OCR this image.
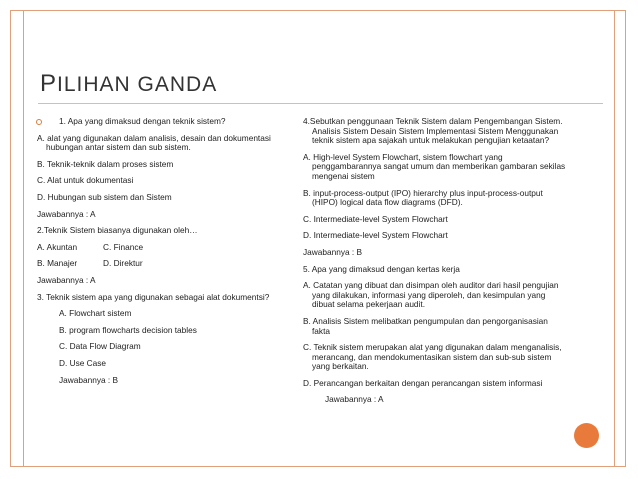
PILIHAN GANDA
1. Apa yang dimaksud dengan teknik sistem?
A. alat yang digunakan dalam analisis, desain dan dokumentasi hubungan antar sistem dan sub sistem.
B. Teknik-teknik dalam proses sistem
C. Alat untuk dokumentasi
D. Hubungan sub sistem dan Sistem
Jawabannya : A
2.Teknik Sistem biasanya digunakan oleh…
A. Akuntan	C. Finance
B. Manajer	D. Direktur
Jawabannya : A
3. Teknik sistem apa yang digunakan sebagai alat dokumentsi?
A. Flowchart sistem
B. program flowcharts decision tables
C. Data Flow Diagram
D. Use Case
Jawabannya : B
4.Sebutkan penggunaan Teknik Sistem dalam Pengembangan Sistem. Analisis Sistem Desain Sistem Implementasi Sistem Menggunakan teknik sistem apa sajakah untuk melakukan pengujian ketaatan?
A. High-level System Flowchart, sistem flowchart yang penggambarannya sangat umum dan memberikan gambaran sekilas mengenai sistem
B. input-process-output (IPO) hierarchy plus input-process-output (HIPO) logical data flow diagrams (DFD).
C. Intermediate-level System Flowchart
D. Intermediate-level System Flowchart
Jawabannya : B
5. Apa yang dimaksud dengan kertas kerja
A. Catatan yang dibuat dan disimpan oleh auditor dari hasil pengujian yang dilakukan, informasi yang diperoleh, dan kesimpulan yang dibuat selama pekerjaan audit.
B. Analisis Sistem melibatkan pengumpulan dan pengorganisasian fakta
C. Teknik sistem merupakan alat yang digunakan dalam menganalisis, merancang, dan mendokumentasikan sistem dan sub-sub sistem yang berkaitan.
D. Perancangan berkaitan dengan perancangan sistem informasi
Jawabannya : A
